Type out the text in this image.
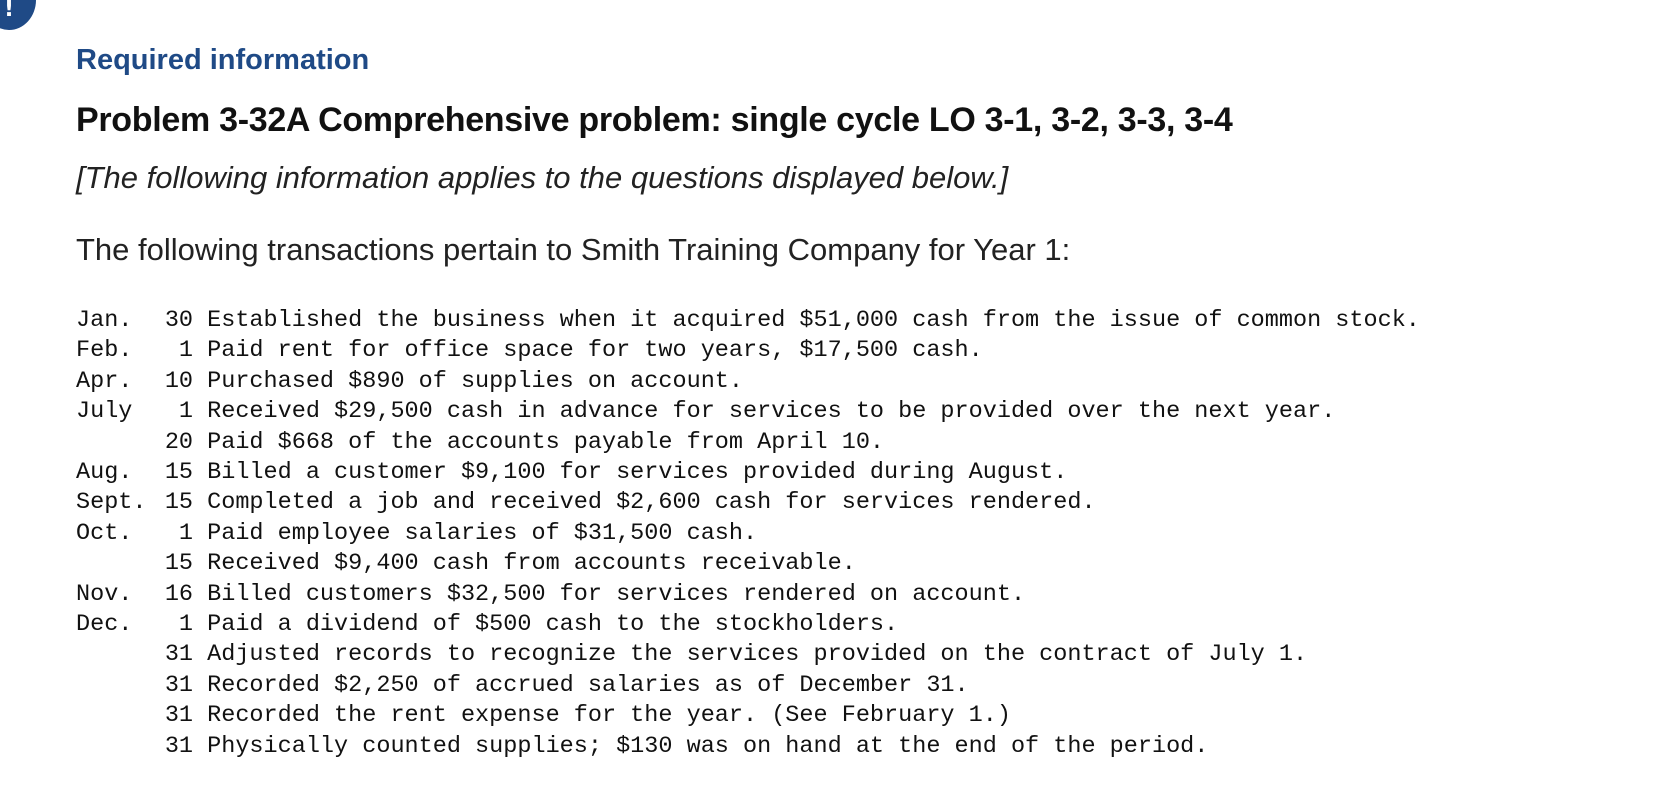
!
Required information
Problem 3-32A Comprehensive problem: single cycle LO 3-1, 3-2, 3-3, 3-4

[The following information applies to the questions displayed below.]

The following transactions pertain to Smith Training Company for Year 1:

Jan.	30 Established the business when it acquired $51,000 cash from the issue of common stock.
Feb.	1 Paid rent for office space for two years, $17,500 cash.
Apr.	10 Purchased $890 of supplies on account.
July	1 Received $29,500 cash in advance for services to be provided over the next year.
20 Paid $668 of the accounts payable from April 10.
Aug.	15 Billed a customer $9,100 for services provided during August.
Sept. 15 Completed a job and received $2,600 cash for services rendered.
Oct.	1 Paid employee salaries of $31,500 cash.
15 Received $9,400 cash from accounts receivable.
Nov.	16 Billed customers $32,500 for services rendered on account.
Dec.	1 Paid a dividend of $500 cash to the stockholders.
31 Adjusted records to recognize the services provided on the contract of July 1.
31 Recorded $2,250 of accrued salaries as of December 31.
31 Recorded the rent expense for the year. (See February 1.)
31 Physically counted supplies; $130 was on hand at the end of the period.
